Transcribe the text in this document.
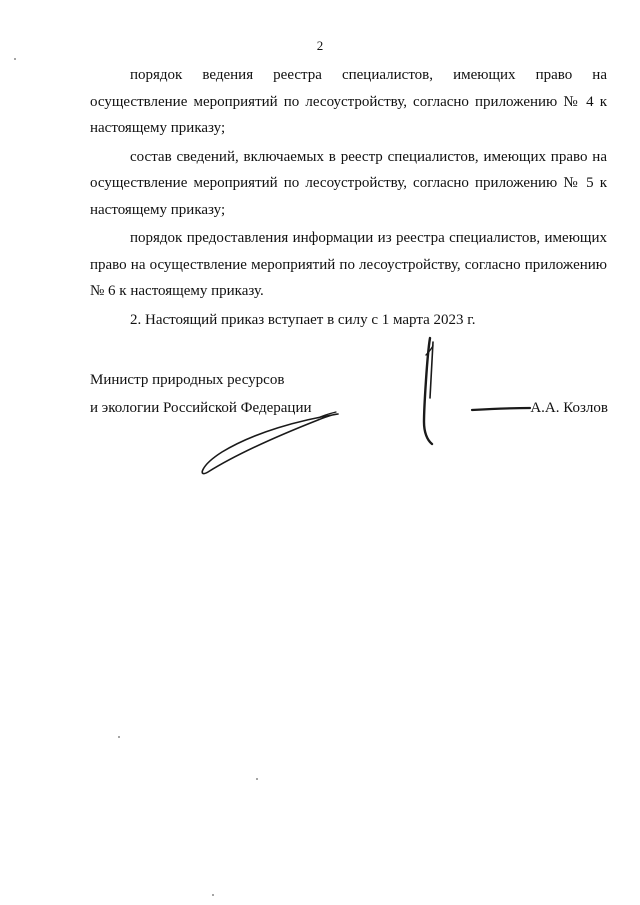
2

порядок ведения реестра специалистов, имеющих право на осуществление мероприятий по лесоустройству, согласно приложению № 4 к настоящему приказу;

состав сведений, включаемых в реестр специалистов, имеющих право на осуществление мероприятий по лесоустройству, согласно приложению № 5 к настоящему приказу;

порядок предоставления информации из реестра специалистов, имеющих право на осуществление мероприятий по лесоустройству, согласно приложению № 6 к настоящему приказу.

2. Настоящий приказ вступает в силу с 1 марта 2023 г.

Министр природных ресурсов
и экологии Российской Федерации	А.А. Козлов
